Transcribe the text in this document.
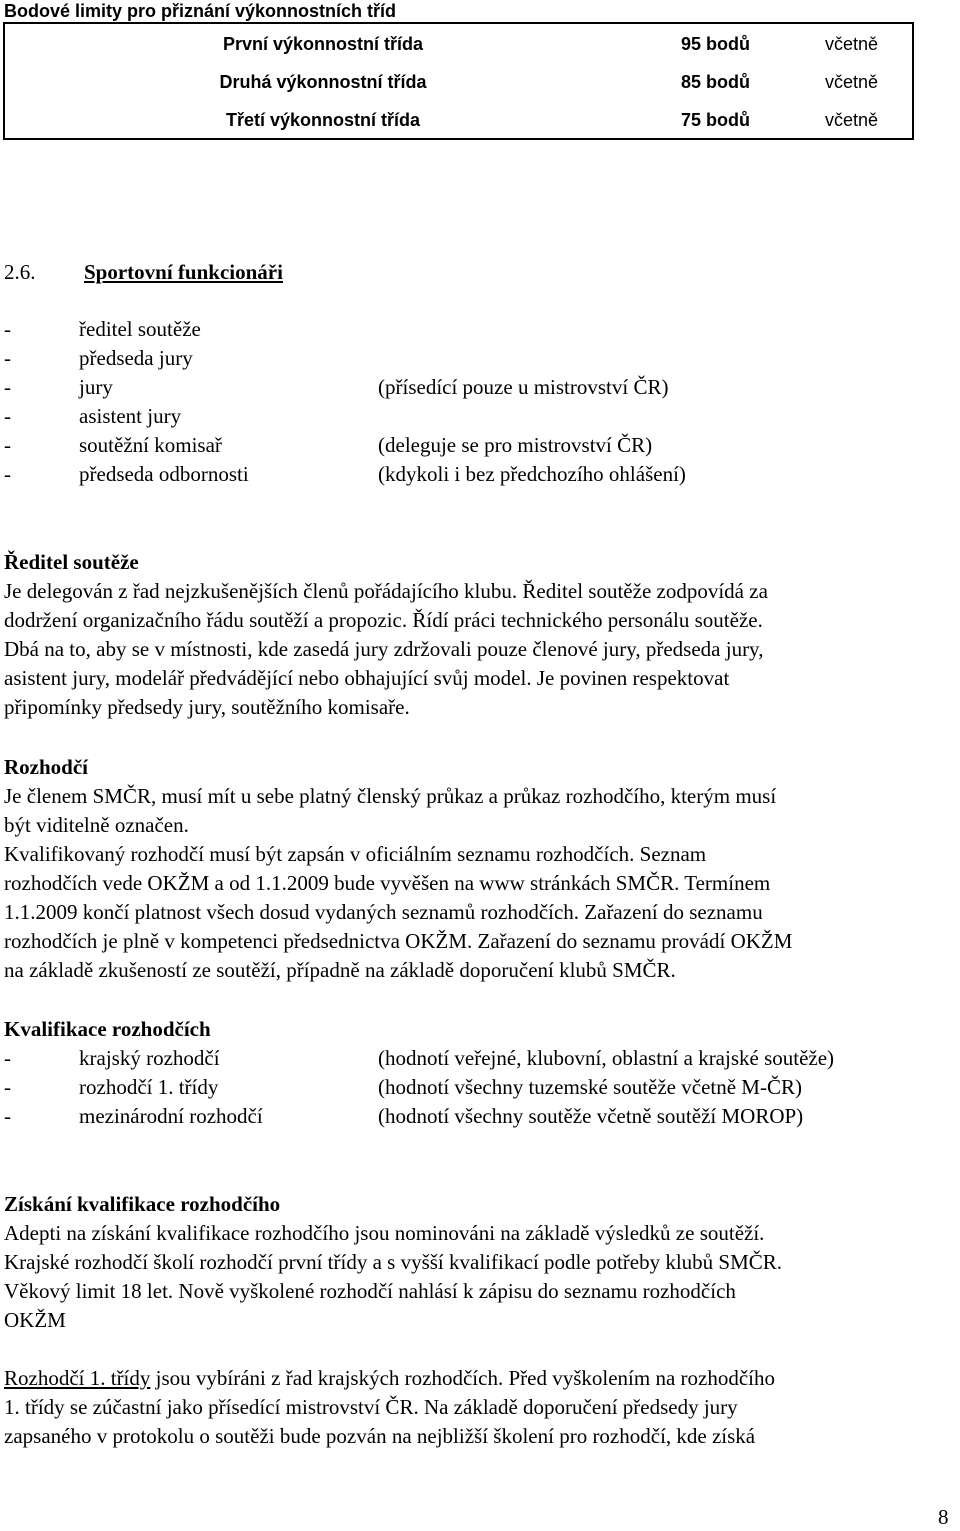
Bodové limity pro přiznání výkonnostních tříd
První výkonnostní třída	95 bodů	včetně
Druhá výkonnostní třída	85 bodů	včetně
Třetí výkonnostní třída	75 bodů	včetně
2.6. Sportovní funkcionáři
-	ředitel soutěže
-	předseda jury
-	jury	(přísedící pouze u mistrovství ČR)
-	asistent jury
-	soutěžní komisař	(deleguje se pro mistrovství ČR)
-	předseda odbornosti	(kdykoli i bez předchozího ohlášení)
Ředitel soutěže
Je delegován z řad nejzkušenějších členů pořádajícího klubu. Ředitel soutěže zodpovídá za
dodržení organizačního řádu soutěží a propozic. Řídí práci technického personálu soutěže.
Dbá na to, aby se v místnosti, kde zasedá jury zdržovali pouze členové jury, předseda jury,
asistent jury, modelář předvádějící nebo obhajující svůj model. Je povinen respektovat
připomínky předsedy jury, soutěžního komisaře.
Rozhodčí
Je členem SMČR, musí mít u sebe platný členský průkaz a průkaz rozhodčího, kterým musí
být viditelně označen.
Kvalifikovaný rozhodčí musí být zapsán v oficiálním seznamu rozhodčích. Seznam
rozhodčích vede OKŽM a od 1.1.2009 bude vyvěšen na www stránkách SMČR. Termínem
1.1.2009 končí platnost všech dosud vydaných seznamů rozhodčích. Zařazení do seznamu
rozhodčích je plně v kompetenci předsednictva OKŽM. Zařazení do seznamu provádí OKŽM
na základě zkušeností ze soutěží, případně na základě doporučení klubů SMČR.
Kvalifikace rozhodčích
-	krajský rozhodčí	(hodnotí veřejné, klubovní, oblastní a krajské soutěže)
-	rozhodčí 1. třídy	(hodnotí všechny tuzemské soutěže včetně M-ČR)
-	mezinárodní rozhodčí	(hodnotí všechny soutěže včetně soutěží MOROP)
Získání kvalifikace rozhodčího
Adepti na získání kvalifikace rozhodčího jsou nominováni na základě výsledků ze soutěží.
Krajské rozhodčí školí rozhodčí první třídy a s vyšší kvalifikací podle potřeby klubů SMČR.
Věkový limit 18 let. Nově vyškolené rozhodčí nahlásí k zápisu do seznamu rozhodčích
OKŽM
Rozhodčí 1. třídy jsou vybíráni z řad krajských rozhodčích. Před vyškolením na rozhodčího
1. třídy se zúčastní jako přísedící mistrovství ČR. Na základě doporučení předsedy jury
zapsaného v protokolu o soutěži bude pozván na nejbližší školení pro rozhodčí, kde získá
8
